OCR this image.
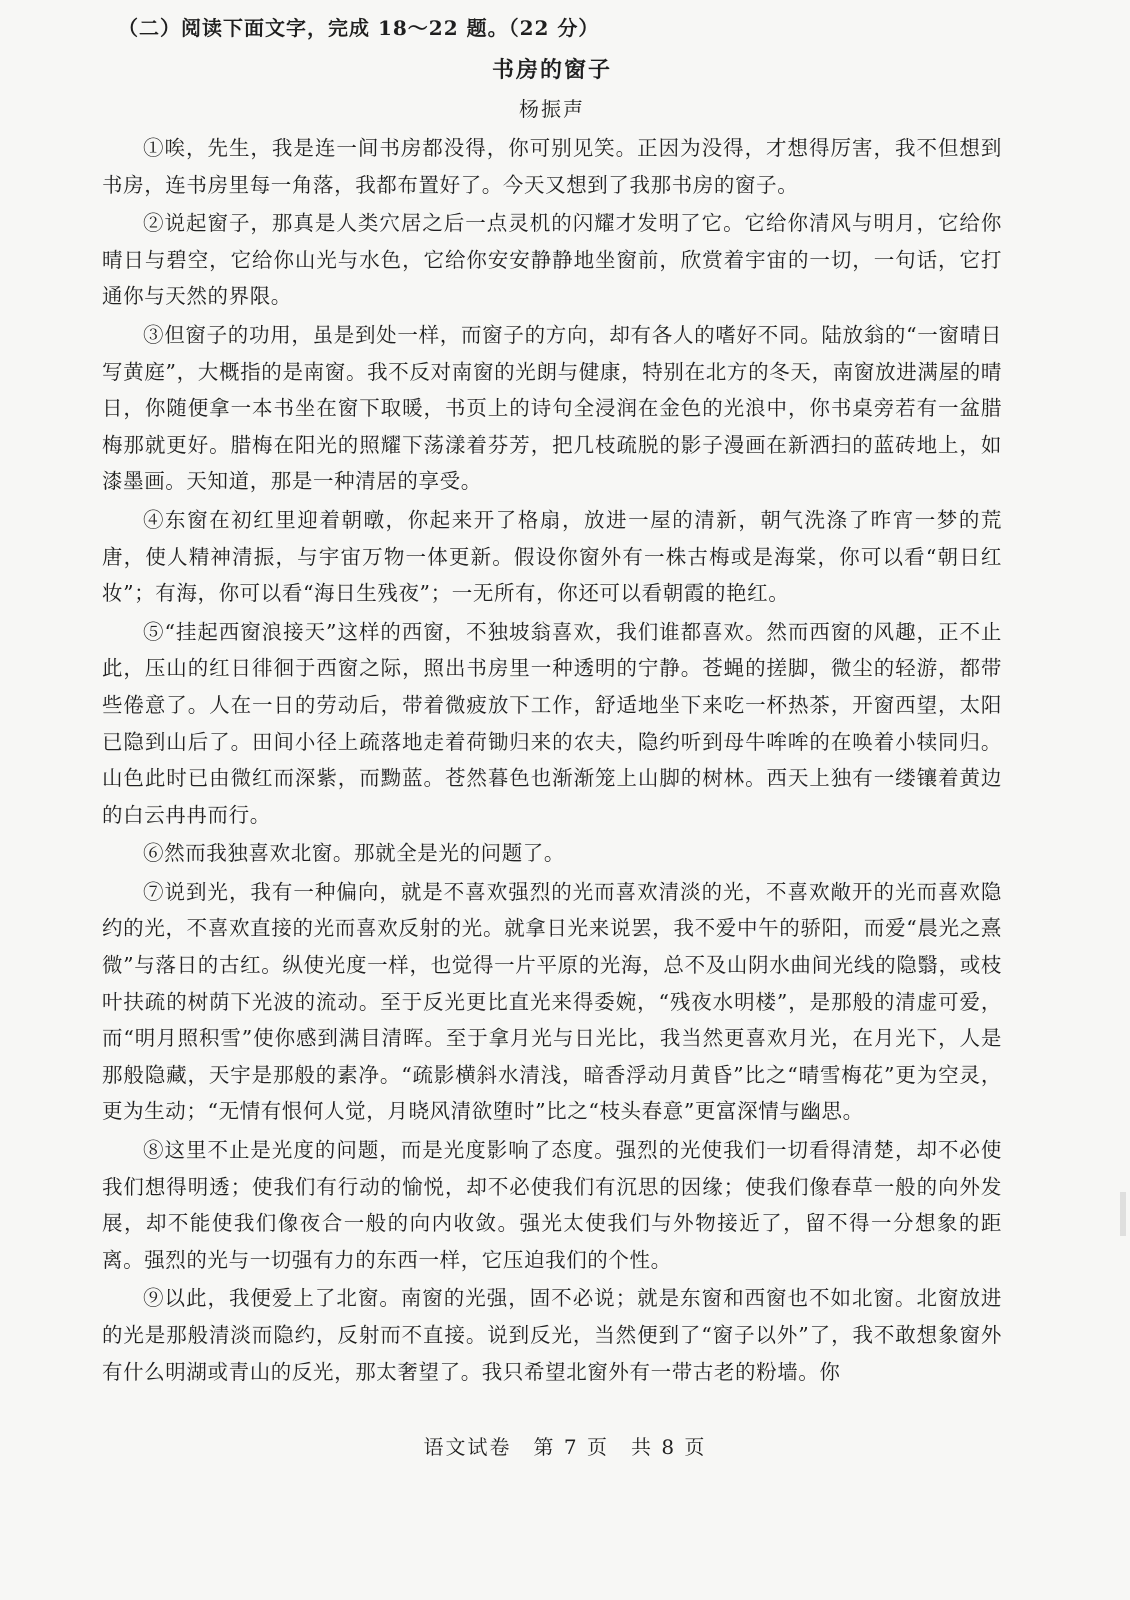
（二）阅读下面文字，完成 18～22 题。（22 分）

书房的窗子

杨振声

①唉，先生，我是连一间书房都没得，你可别见笑。正因为没得，才想得厉害，我不但想到书房，连书房里每一角落，我都布置好了。今天又想到了我那书房的窗子。

②说起窗子，那真是人类穴居之后一点灵机的闪耀才发明了它。它给你清风与明月，它给你晴日与碧空，它给你山光与水色，它给你安安静静地坐窗前，欣赏着宇宙的一切，一句话，它打通你与天然的界限。

③但窗子的功用，虽是到处一样，而窗子的方向，却有各人的嗜好不同。陆放翁的“一窗晴日写黄庭”，大概指的是南窗。我不反对南窗的光朗与健康，特别在北方的冬天，南窗放进满屋的晴日，你随便拿一本书坐在窗下取暖，书页上的诗句全浸润在金色的光浪中，你书桌旁若有一盆腊梅那就更好。腊梅在阳光的照耀下荡漾着芬芳，把几枝疏脱的影子漫画在新洒扫的蓝砖地上，如漆墨画。天知道，那是一种清居的享受。

④东窗在初红里迎着朝暾，你起来开了格扇，放进一屋的清新，朝气洗涤了昨宵一梦的荒唐，使人精神清振，与宇宙万物一体更新。假设你窗外有一株古梅或是海棠，你可以看“朝日红妆”；有海，你可以看“海日生残夜”；一无所有，你还可以看朝霞的艳红。

⑤“挂起西窗浪接天”这样的西窗，不独坡翁喜欢，我们谁都喜欢。然而西窗的风趣，正不止此，压山的红日徘徊于西窗之际，照出书房里一种透明的宁静。苍蝇的搓脚，微尘的轻游，都带些倦意了。人在一日的劳动后，带着微疲放下工作，舒适地坐下来吃一杯热茶，开窗西望，太阳已隐到山后了。田间小径上疏落地走着荷锄归来的农夫，隐约听到母牛哞哞的在唤着小犊同归。山色此时已由微红而深紫，而黝蓝。苍然暮色也渐渐笼上山脚的树林。西天上独有一缕镶着黄边的白云冉冉而行。

⑥然而我独喜欢北窗。那就全是光的问题了。

⑦说到光，我有一种偏向，就是不喜欢强烈的光而喜欢清淡的光，不喜欢敞开的光而喜欢隐约的光，不喜欢直接的光而喜欢反射的光。就拿日光来说罢，我不爱中午的骄阳，而爱“晨光之熹微”与落日的古红。纵使光度一样，也觉得一片平原的光海，总不及山阴水曲间光线的隐翳，或枝叶扶疏的树荫下光波的流动。至于反光更比直光来得委婉，“残夜水明楼”，是那般的清虚可爱，而“明月照积雪”使你感到满目清晖。至于拿月光与日光比，我当然更喜欢月光，在月光下，人是那般隐藏，天宇是那般的素净。“疏影横斜水清浅，暗香浮动月黄昏”比之“晴雪梅花”更为空灵，更为生动；“无情有恨何人觉，月晓风清欲堕时”比之“枝头春意”更富深情与幽思。

⑧这里不止是光度的问题，而是光度影响了态度。强烈的光使我们一切看得清楚，却不必使我们想得明透；使我们有行动的愉悦，却不必使我们有沉思的因缘；使我们像春草一般的向外发展，却不能使我们像夜合一般的向内收敛。强光太使我们与外物接近了，留不得一分想象的距离。强烈的光与一切强有力的东西一样，它压迫我们的个性。

⑨以此，我便爱上了北窗。南窗的光强，固不必说；就是东窗和西窗也不如北窗。北窗放进的光是那般清淡而隐约，反射而不直接。说到反光，当然便到了“窗子以外”了，我不敢想象窗外有什么明湖或青山的反光，那太奢望了。我只希望北窗外有一带古老的粉墙。你

语文试卷　第 7 页　共 8 页
